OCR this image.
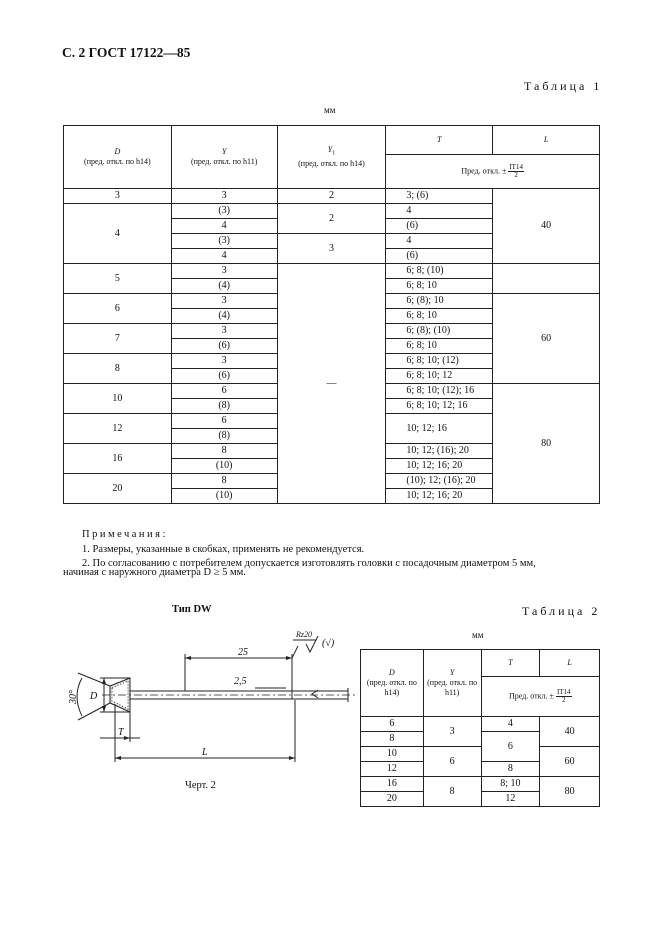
С. 2 ГОСТ 17122—85
Таблица 1
мм
D
(пред. откл. по h14)	Y
(пред. откл. по h11)	$Y_1$
(пред. откл. по h14)	T	L
			Пред. откл. ± $\frac{IT14}{2}$

3	3	2	3; (6)	40
4	(3)	2	4	
	4		(6)	
	(3)	3	4	
	4		(6)	
5	3	—	6; 8; (10)	
	(4)		6; 8; 10	
6	3		6; (8); 10	60
	(4)		6; 8; 10	
7	3		6; (8); (10)	
	(6)		6; 8; 10	
8	3		6; 8; 10; (12)	
	(6)		6; 8; 10; 12	
10	6		6; 8; 10; (12); 16	80
	(8)		6; 8; 10; 12; 16	
12	6		10; 12; 16	
	(8)			
16	8		10; 12; (16); 20	
	(10)		10; 12; 16; 20	
20	8		(10); 12; (16); 20	
	(10)		10; 12; 16; 20	
Примечания:
1. Размеры, указанные в скобках, применять не рекомендуется.
2. По согласованию с потребителем допускается изготовлять головки с посадочным диаметром 5 мм,
начиная с наружного диаметра D ≥ 5 мм.
Тип DW	Таблица 2
мм
25
2,5
L
T
D
30°
Rz20
(√)
Черт. 2
D
(пред. откл. по h14)	Y
(пред. откл. по h11)	T	L
		Пред. откл. ± $\frac{IT14}{2}$

6	3	4	40
8		6	
10	6		60
12		8	
16	8	8; 10	80
20		12	
